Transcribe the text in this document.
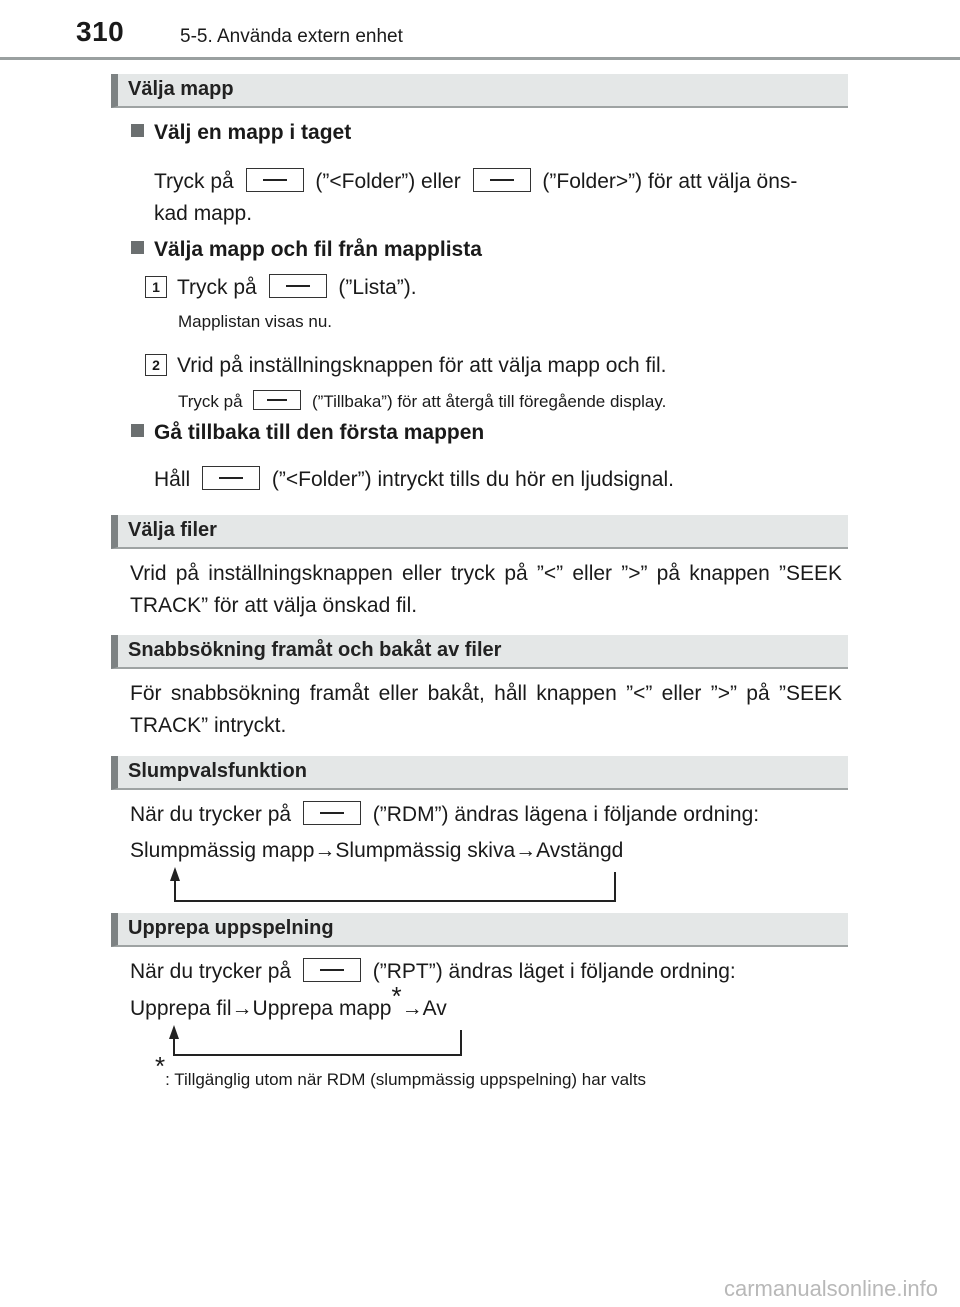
310	5-5. Använda extern enhet
Välja mapp
Välj en mapp i taget
Tryck på	(”<Folder”) eller	(”Folder>”) för att välja öns-
kad mapp.
Välja mapp och fil från mapplista
1 Tryck på	(”Lista”).
Mapplistan visas nu.
2 Vrid på inställningsknappen för att välja mapp och fil.
Tryck på	(”Tillbaka”) för att återgå till föregående display.
Gå tillbaka till den första mappen
Håll	(”<Folder”) intryckt tills du hör en ljudsignal.
Välja filer
Vrid på inställningsknappen eller tryck på ”<” eller ”>” på knappen ”SEEK TRACK” för att välja önskad fil.
Snabbsökning framåt och bakåt av filer
För snabbsökning framåt eller bakåt, håll knappen ”<” eller ”>” på ”SEEK TRACK” intryckt.
Slumpvalsfunktion
När du trycker på	(”RDM”) ändras lägena i följande ordning:
Slumpmässig mapp→Slumpmässig skiva→Avstängd
Upprepa uppspelning
När du trycker på	(”RPT”) ändras läget i följande ordning:
Upprepa fil→Upprepa mapp*→Av
*: Tillgänglig utom när RDM (slumpmässig uppspelning) har valts
carmanualsonline.info
